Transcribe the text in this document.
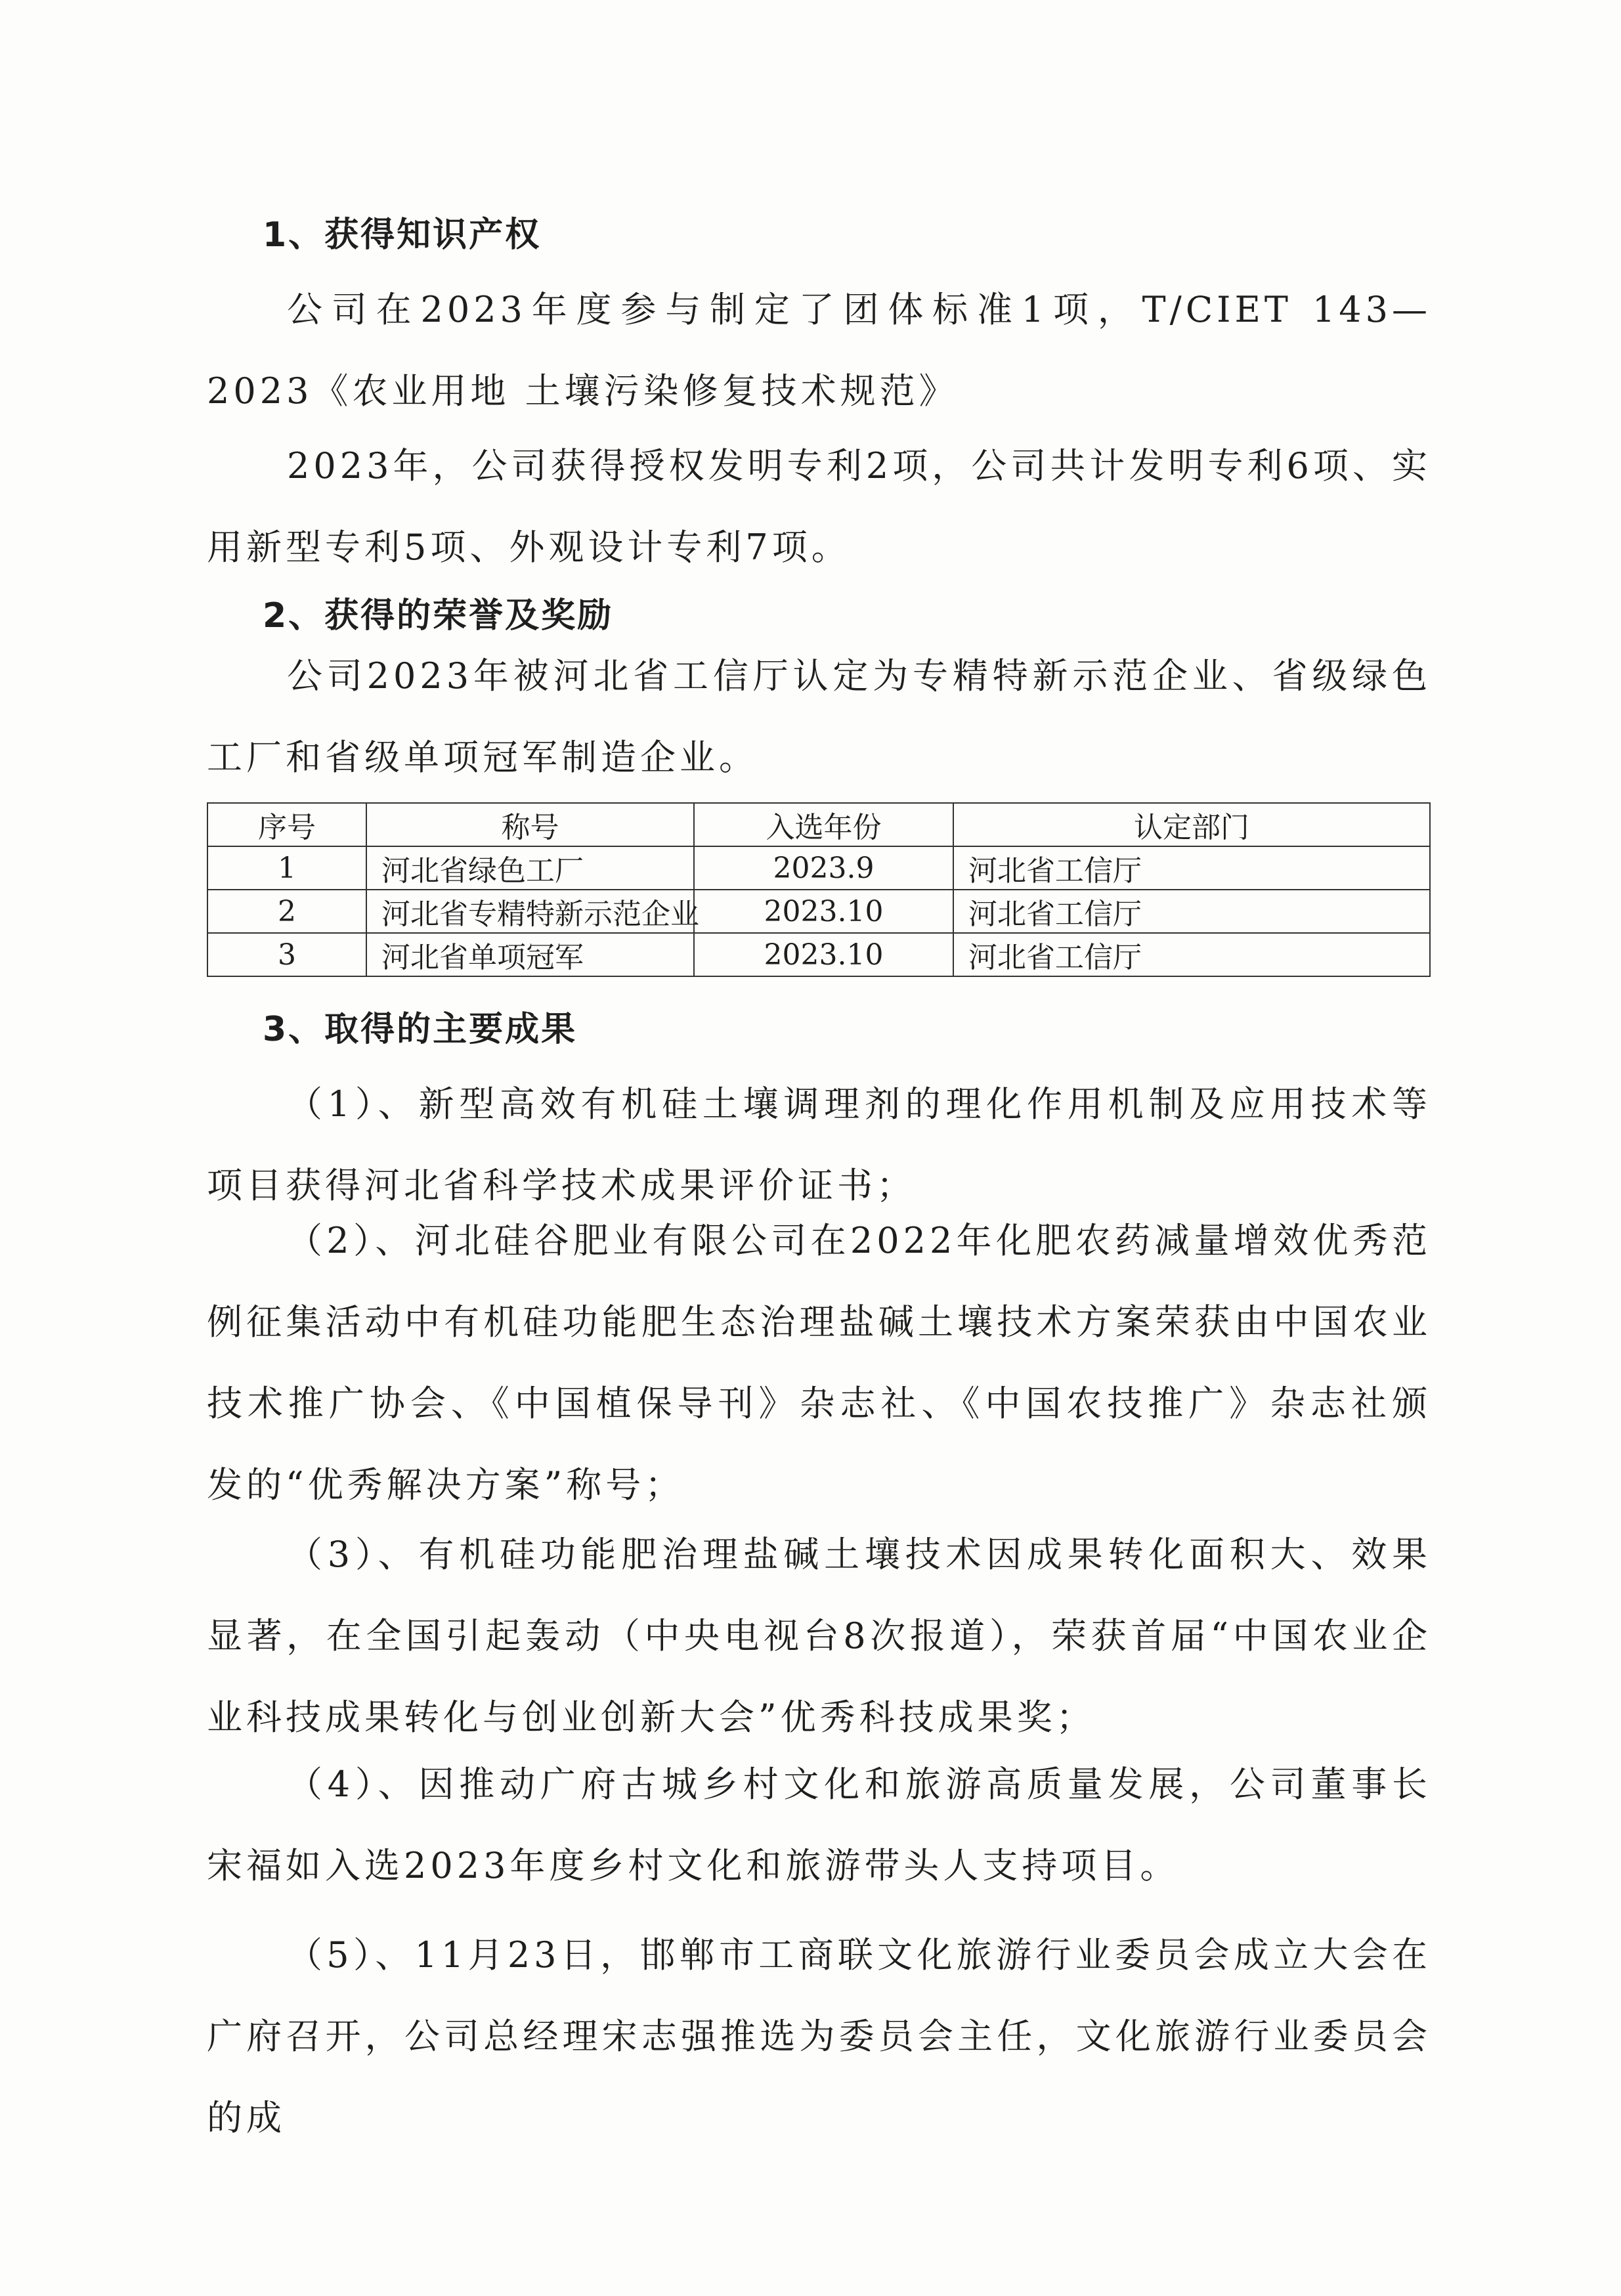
1、获得知识产权
公司在2023年度参与制定了团体标准1项，T/CIET 143—2023《农业用地 土壤污染修复技术规范》
2023年，公司获得授权发明专利2项，公司共计发明专利6项、实用新型专利5项、外观设计专利7项。
2、获得的荣誉及奖励
公司2023年被河北省工信厅认定为专精特新示范企业、省级绿色工厂和省级单项冠军制造企业。
序号	称号	入选年份	认定部门
1	河北省绿色工厂	2023.9	河北省工信厅
2	河北省专精特新示范企业	2023.10	河北省工信厅
3	河北省单项冠军	2023.10	河北省工信厅
3、取得的主要成果
（1）、新型高效有机硅土壤调理剂的理化作用机制及应用技术等项目获得河北省科学技术成果评价证书；
（2）、河北硅谷肥业有限公司在2022年化肥农药减量增效优秀范例征集活动中有机硅功能肥生态治理盐碱土壤技术方案荣获由中国农业技术推广协会、《中国植保导刊》杂志社、《中国农技推广》杂志社颁发的“优秀解决方案”称号；
（3）、有机硅功能肥治理盐碱土壤技术因成果转化面积大、效果显著，在全国引起轰动（中央电视台8次报道），荣获首届“中国农业企业科技成果转化与创业创新大会”优秀科技成果奖；
（4）、因推动广府古城乡村文化和旅游高质量发展，公司董事长宋福如入选2023年度乡村文化和旅游带头人支持项目。
（5）、11月23日，邯郸市工商联文化旅游行业委员会成立大会在广府召开，公司总经理宋志强推选为委员会主任，文化旅游行业委员会的成
